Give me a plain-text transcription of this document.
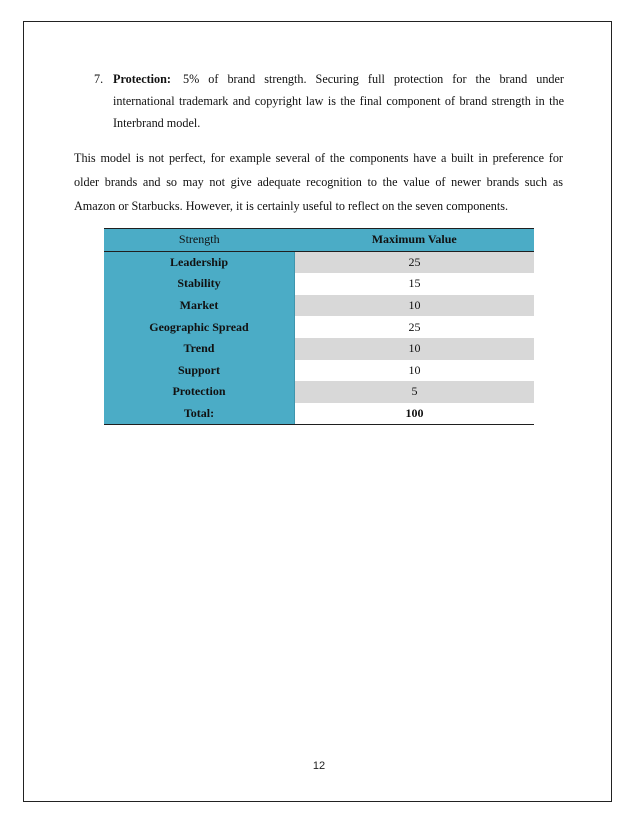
7. Protection: 5% of brand strength. Securing full protection for the brand under international trademark and copyright law is the final component of brand strength in the Interbrand model.

This model is not perfect, for example several of the components have a built in preference for older brands and so may not give adequate recognition to the value of newer brands such as Amazon or Starbucks. However, it is certainly useful to reflect on the seven components.

Strength	Maximum Value
Leadership	25
Stability	15
Market	10
Geographic Spread	25
Trend	10
Support	10
Protection	5
Total:	100
12
